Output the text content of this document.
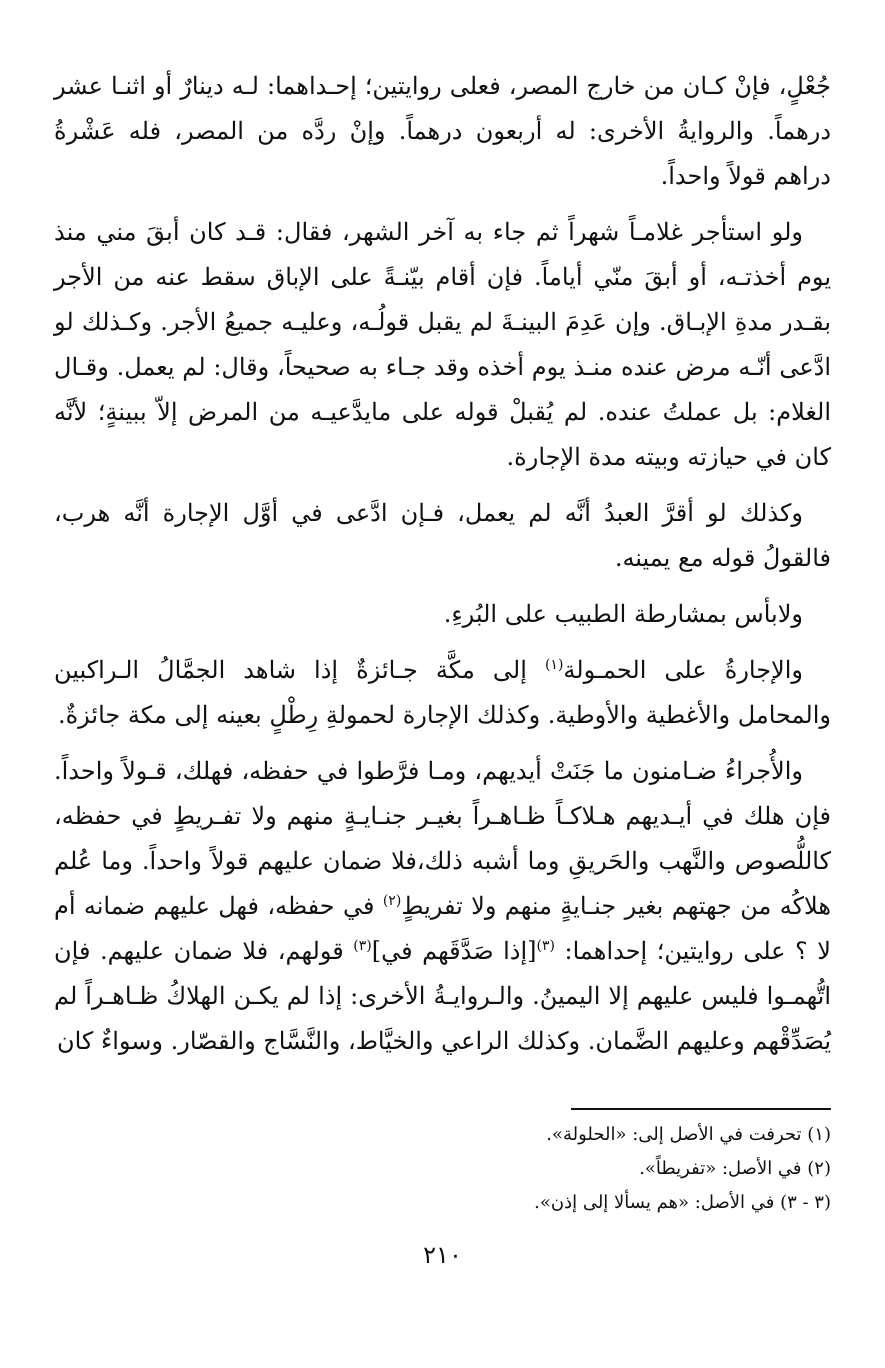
جُعْلٍ، فإنْ كـان من خارج المصر، فعلى روايتين؛ إحـداهما: لـه دينارٌ أو اثنـا عشر درهماً. والروايةُ الأخرى: له أربعون درهماً. وإنْ ردَّه من المصر، فله عَشْرةُ دراهم قولاً واحداً.

ولو استأجر غلامـاً شهراً ثم جاء به آخر الشهر، فقال: قـد كان أبقَ مني منذ يوم أخذتـه، أو أبقَ منّي أياماً. فإن أقام بيّنـةً على الإباق سقط عنه من الأجر بقـدر مدةِ الإبـاق. وإن عَدِمَ البينـةَ لم يقبل قولُـه، وعليـه جميعُ الأجر. وكـذلك لو ادَّعى أنّـه مرض عنده منـذ يوم أخذه وقد جـاء به صحيحاً، وقال: لم يعمل. وقـال الغلام: بل عملتُ عنده. لم يُقبلْ قوله على مايدَّعيـه من المرض إلاّ ببينةٍ؛ لأنَّه كان في حيازته وبيته مدة الإجارة.

وكذلك لو أقرَّ العبدُ أنَّه لم يعمل، فـإن ادَّعى في أوَّل الإجارة أنَّه هرب، فالقولُ قوله مع يمينه.

ولابأس بمشارطة الطبيب على البُرءِ.

والإجارةُ على الحمـولة$^{(١)}$ إلى مكَّة جـائزةٌ إذا شاهد الجمَّالُ الـراكبين والمحامل والأغطية والأوطية. وكذلك الإجارة لحمولةِ رِطْلٍ بعينه إلى مكة جائزةٌ.

والأُجراءُ ضـامنون ما جَنَتْ أيديهم، ومـا فرَّطوا في حفظه، فهلك، قـولاً واحداً. فإن هلك في أيـديهم هـلاكـاً ظـاهـراً بغيـر جنـايـةٍ منهم ولا تفـريطٍ في حفظه، كاللُّصوص والنَّهب والحَريقِ وما أشبه ذلك،فلا ضمان عليهم قولاً واحداً. وما عُلم هلاكُه من جهتهم بغير جنـايةٍ منهم ولا تفريطٍ$^{(٢)}$ في حفظه، فهل عليهم ضمانه أم لا ؟ على روايتين؛ إحداهما: $^{(٣)}$[إذا صَدَّقَهم في]$^{(٣)}$ قولهم، فلا ضمان عليهم. فإن اتُّهمـوا فليس عليهم إلا اليمينُ. والـروايـةُ الأخرى: إذا لم يكـن الهلاكُ ظـاهـراً لم يُصَدِّقْهم وعليهم الضَّمان. وكذلك الراعي والخيَّاط، والنَّسَّاج والقصّار. وسواءٌ كان

(١) تحرفت في الأصل إلى: «الحلولة».
(٢) في الأصل: «تفريطاً».
(٣ - ٣) في الأصل: «هم يسألا إلى إذن».
٢١٠
